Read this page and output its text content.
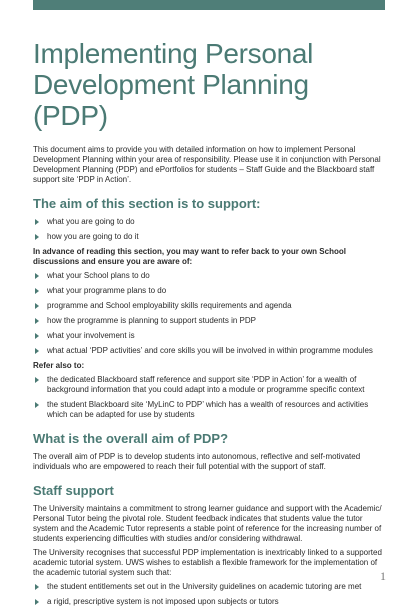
Implementing Personal Development Planning (PDP)

This document aims to provide you with detailed information on how to implement Personal Development Planning within your area of responsibility. Please use it in conjunction with Personal Development Planning (PDP) and ePortfolios for students – Staff Guide and the Blackboard staff support site ‘PDP in Action’.

The aim of this section is to support:
what you are going to do
how you are going to do it

In advance of reading this section, you may want to refer back to your own School discussions and ensure you are aware of:

what your School plans to do
what your programme plans to do
programme and School employability skills requirements and agenda
how the programme is planning to support students in PDP
what your involvement is
what actual ‘PDP activities’ and core skills you will be involved in within programme modules

Refer also to:

the dedicated Blackboard staff reference and support site ‘PDP in Action’ for a wealth of background information that you could adapt into a module or programme specific context
the student Blackboard site ‘MyLinC to PDP’ which has a wealth of resources and activities which can be adapted for use by students
What is the overall aim of PDP?

The overall aim of PDP is to develop students into autonomous, reflective and self-motivated individuals who are empowered to reach their full potential with the support of staff.

Staff support

The University maintains a commitment to strong learner guidance and support with the Academic/ Personal Tutor being the pivotal role. Student feedback indicates that students value the tutor system and the Academic Tutor represents a stable point of reference for the increasing number of students experiencing difficulties with studies and/or considering withdrawal.

The University recognises that successful PDP implementation is inextricably linked to a supported academic tutorial system. UWS wishes to establish a flexible framework for the implementation of the academic tutorial system such that:

the student entitlements set out in the University guidelines on academic tutoring are met
a rigid, prescriptive system is not imposed upon subjects or tutors
1
